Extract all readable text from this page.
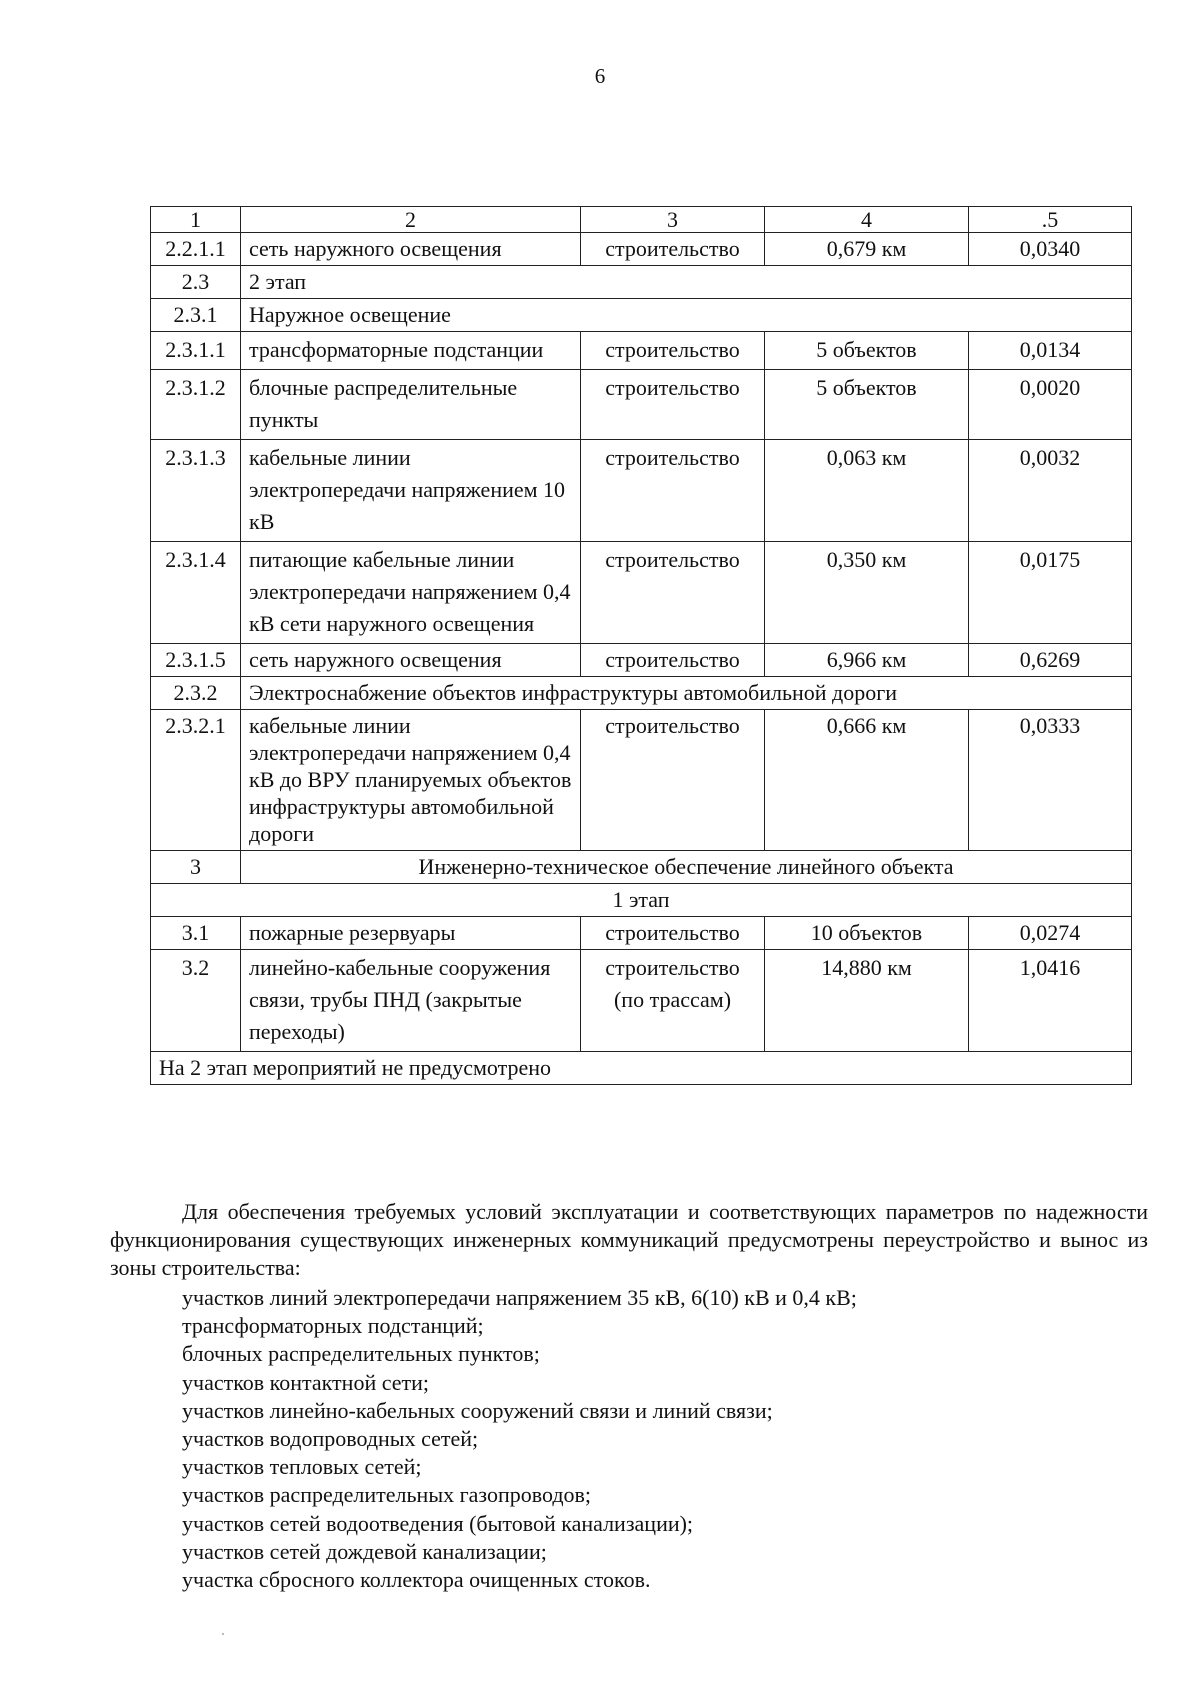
6
1	2	3	4	.5
2.2.1.1	сеть наружного освещения	строительство	0,679 км	0,0340
2.3	2 этап			
2.3.1	Наружное освещение			
2.3.1.1	трансформаторные подстанции	строительство	5 объектов	0,0134
2.3.1.2	блочные распределительные пункты	строительство	5 объектов	0,0020
2.3.1.3	кабельные линии электропередачи напряжением 10 кВ	строительство	0,063 км	0,0032
2.3.1.4	питающие кабельные линии электропередачи напряжением 0,4 кВ сети наружного освещения	строительство	0,350 км	0,0175
2.3.1.5	сеть наружного освещения	строительство	6,966 км	0,6269
2.3.2	Электроснабжение объектов инфраструктуры автомобильной дороги			
2.3.2.1	кабельные линии электропередачи напряжением 0,4 кВ до ВРУ планируемых объектов инфраструктуры автомобильной дороги	строительство	0,666 км	0,0333
3	Инженерно-техническое обеспечение линейного объекта			
1 этап				
3.1	пожарные резервуары	строительство	10 объектов	0,0274
3.2	линейно-кабельные сооружения связи, трубы ПНД (закрытые переходы)	строительство (по трассам)	14,880 км	1,0416
На 2 этап мероприятий не предусмотрено				

Для обеспечения требуемых условий эксплуатации и соответствующих параметров по надежности функционирования существующих инженерных коммуникаций предусмотрены переустройство и вынос из зоны строительства:

участков линий электропередачи напряжением 35 кВ, 6(10) кВ и 0,4 кВ;
трансформаторных подстанций;
блочных распределительных пунктов;
участков контактной сети;
участков линейно-кабельных сооружений связи и линий связи;
участков водопроводных сетей;
участков тепловых сетей;
участков распределительных газопроводов;
участков сетей водоотведения (бытовой канализации);
участков сетей дождевой канализации;
участка сбросного коллектора очищенных стоков.
